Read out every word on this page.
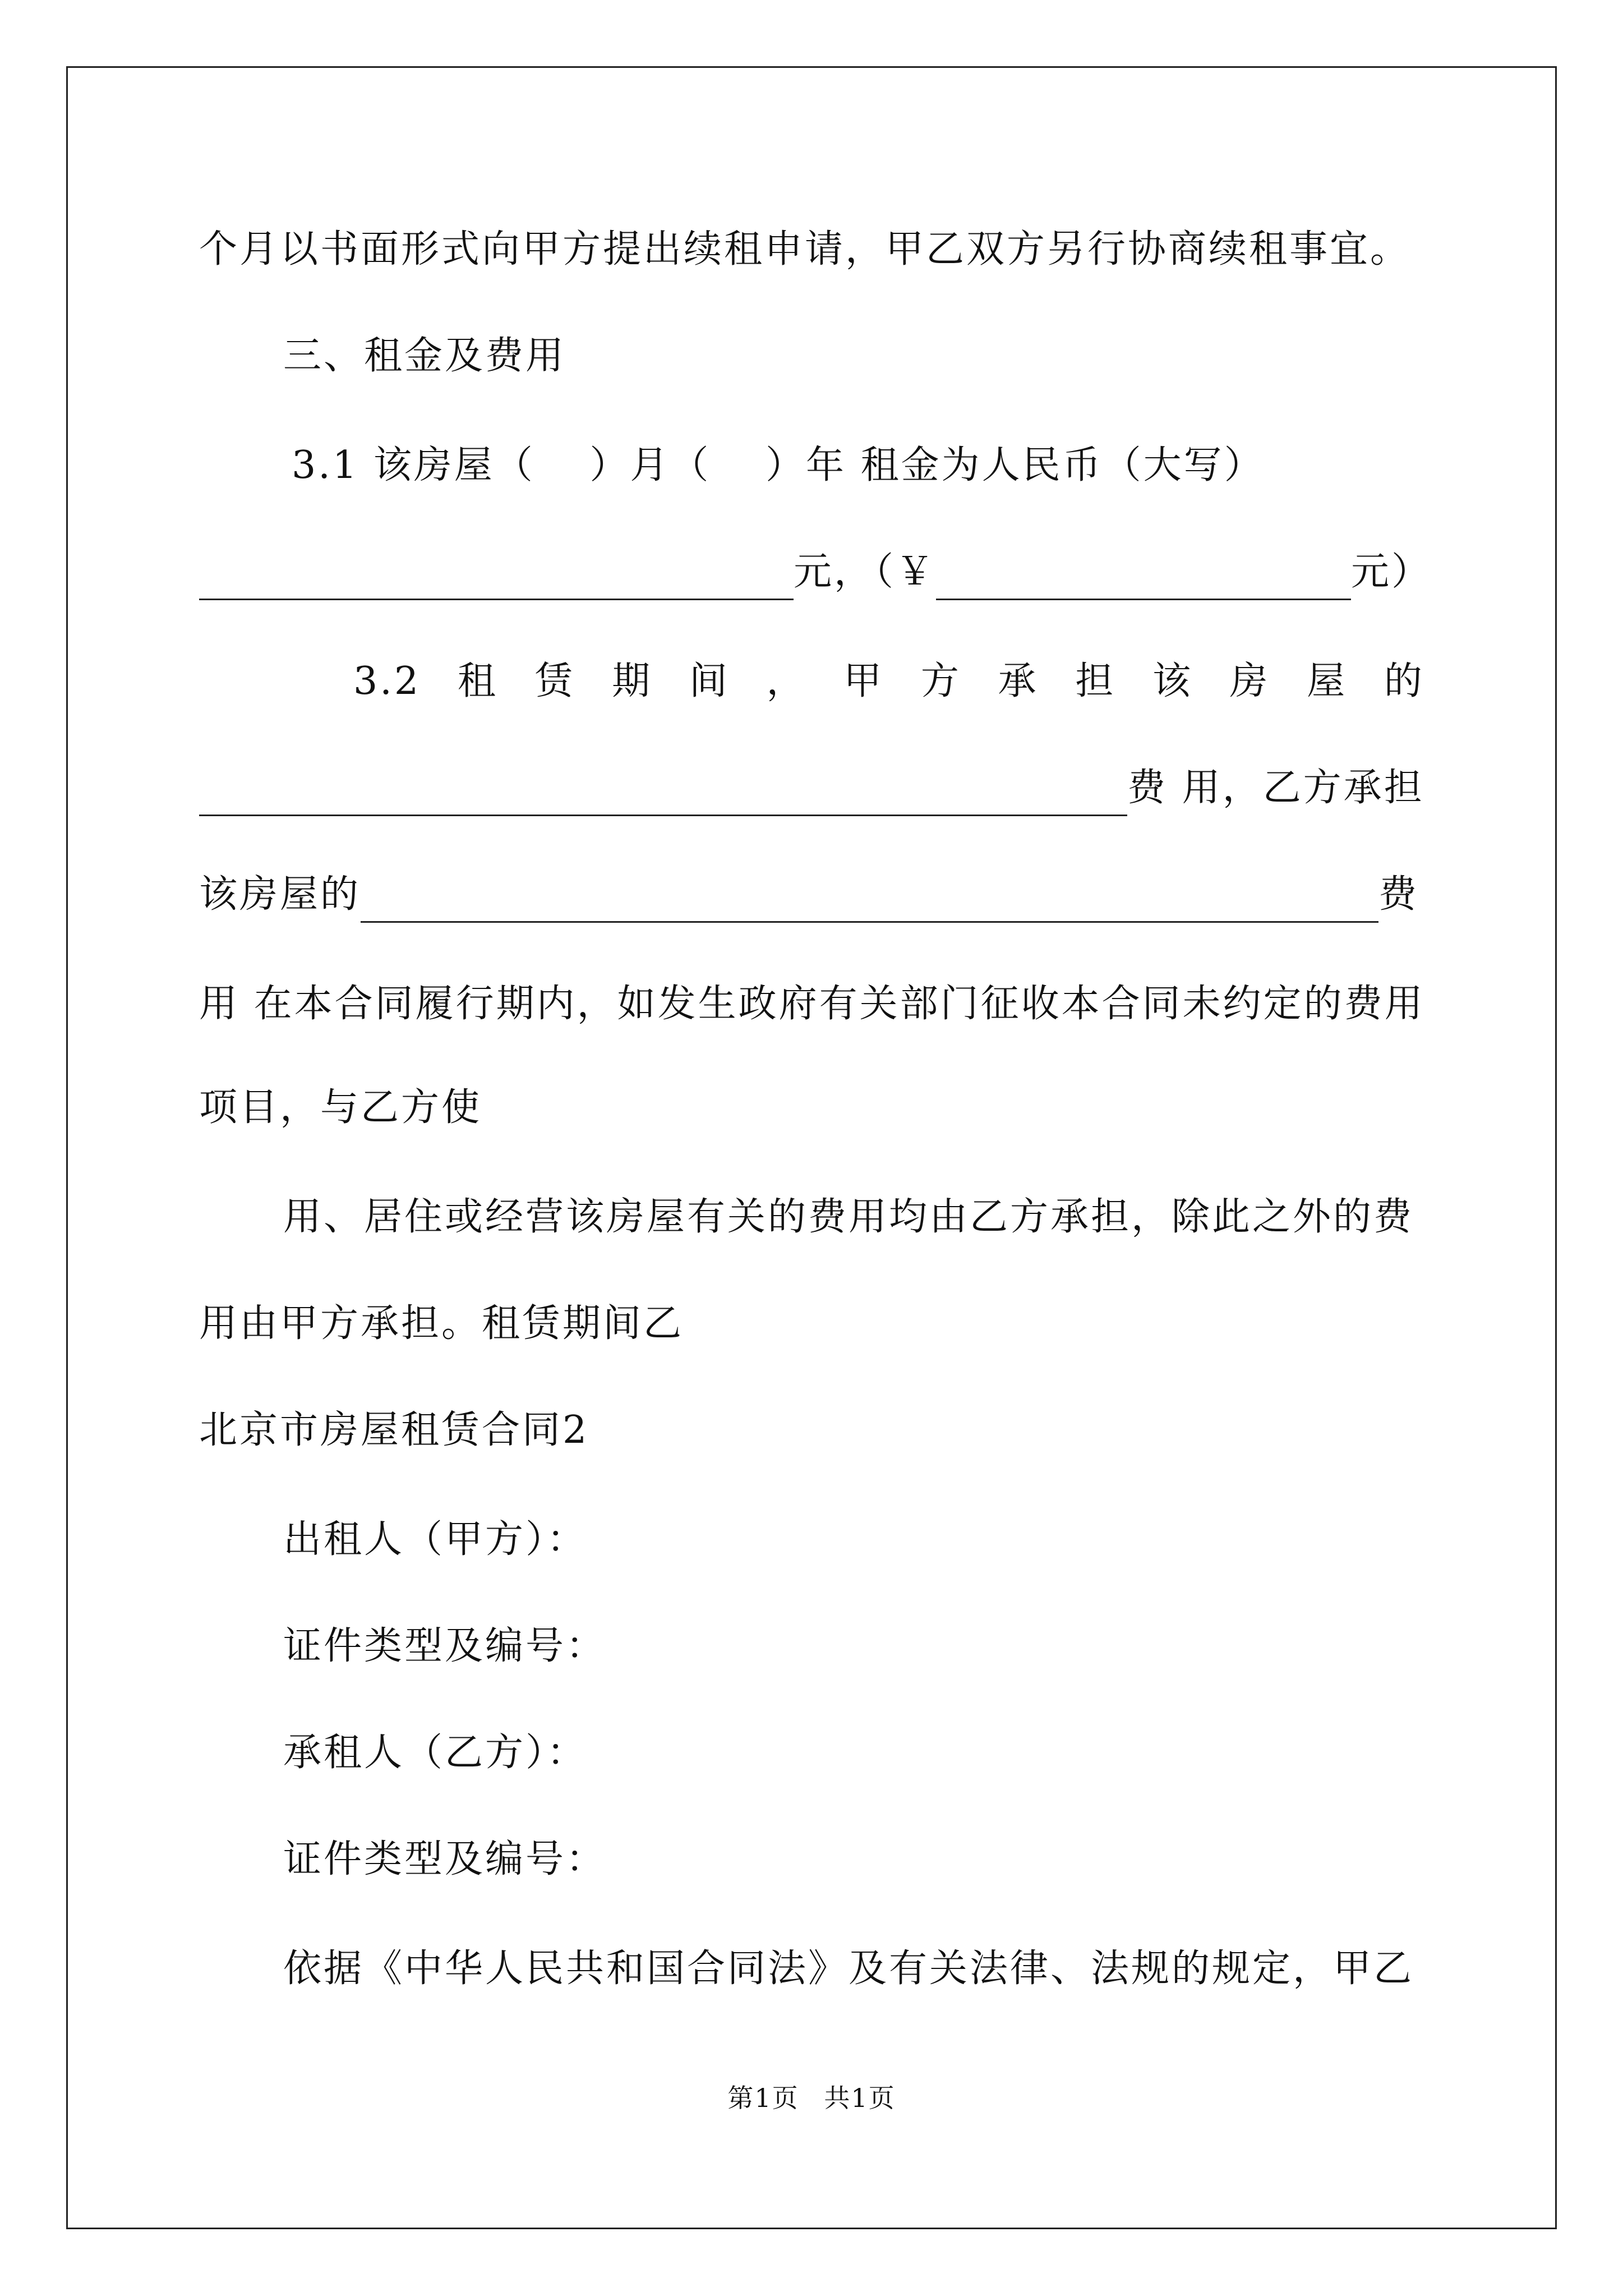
个月以书面形式向甲方提出续租申请，甲乙双方另行协商续租事宜。
三、租金及费用
3.1 该房屋（　 ）月（　 ）年 租金为人民币（大写）
元，（￥	元）
3.2 租 赁 期 间 ， 甲 方 承 担 该 房 屋 的
费 用，乙方承担
该房屋的	费
用 在本合同履行期内，如发生政府有关部门征收本合同未约定的费用
项目，与乙方使
用、居住或经营该房屋有关的费用均由乙方承担，除此之外的费
用由甲方承担。租赁期间乙
北京市房屋租赁合同2
出租人（甲方）：
证件类型及编号：
承租人（乙方）：
证件类型及编号：
依据《中华人民共和国合同法》及有关法律、法规的规定，甲乙
第1页 共1页
